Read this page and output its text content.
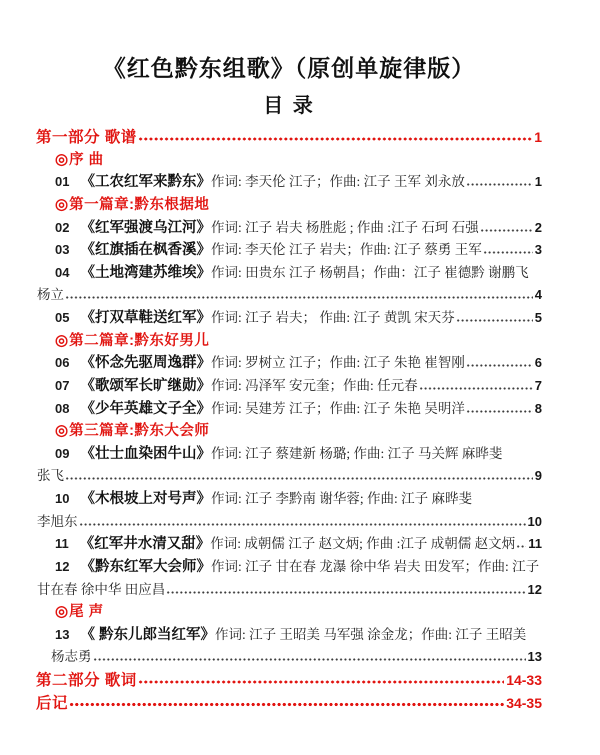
《红色黔东组歌》（原创单旋律版）
目 录
第一部分 歌谱	1
◎ 序 曲
01 《工农红军来黔东》 作词: 李天伦 江子；作曲: 江子 王军 刘永放	1
◎ 第一篇章:黔东根据地
02 《红军强渡乌江河》 作词: 江子 岩夫 杨胜彪 ; 作曲 :江子 石珂 石强	2
03 《红旗插在枫香溪》 作词: 李天伦 江子 岩夫；作曲: 江子 蔡勇 王军	3
04 《土地湾建苏维埃》 作词: 田贵东 江子 杨朝昌；作曲：江子 崔德黔 谢鹏飞
杨立	4
05 《打双草鞋送红军》 作词: 江子 岩夫； 作曲: 江子 黄凯 宋天芬	5
◎ 第二篇章:黔东好男儿
06 《怀念先驱周逸群》 作词: 罗树立 江子；作曲: 江子 朱艳 崔智刚	6
07 《歌颂军长旷继勋》 作词: 冯泽军 安元奎；作曲: 任元春	7
08 《少年英雄文子全》 作词: 吴建芳 江子；作曲: 江子 朱艳 吴明洋	8
◎ 第三篇章:黔东大会师
09 《壮士血染困牛山》 作词: 江子 蔡建新 杨璐; 作曲: 江子 马关辉 麻晔斐
张飞	9
10 《木根坡上对号声》 作词: 江子 李黔南 谢华蓉; 作曲: 江子 麻晔斐
李旭东	10
11 《红军井水清又甜》 作词: 成朝儒 江子 赵文炳; 作曲 :江子 成朝儒 赵文炳 11
12 《黔东红军大会师》 作词: 江子 甘在春 龙瀑 徐中华 岩夫 田发军；作曲: 江子
甘在春 徐中华 田应昌	12
◎ 尾 声
13 《 黔东儿郎当红军》 作词: 江子 王昭美 马军强 涂金龙；作曲: 江子 王昭美
杨志勇	13
第二部分 歌词	14-33
后记	34-35
